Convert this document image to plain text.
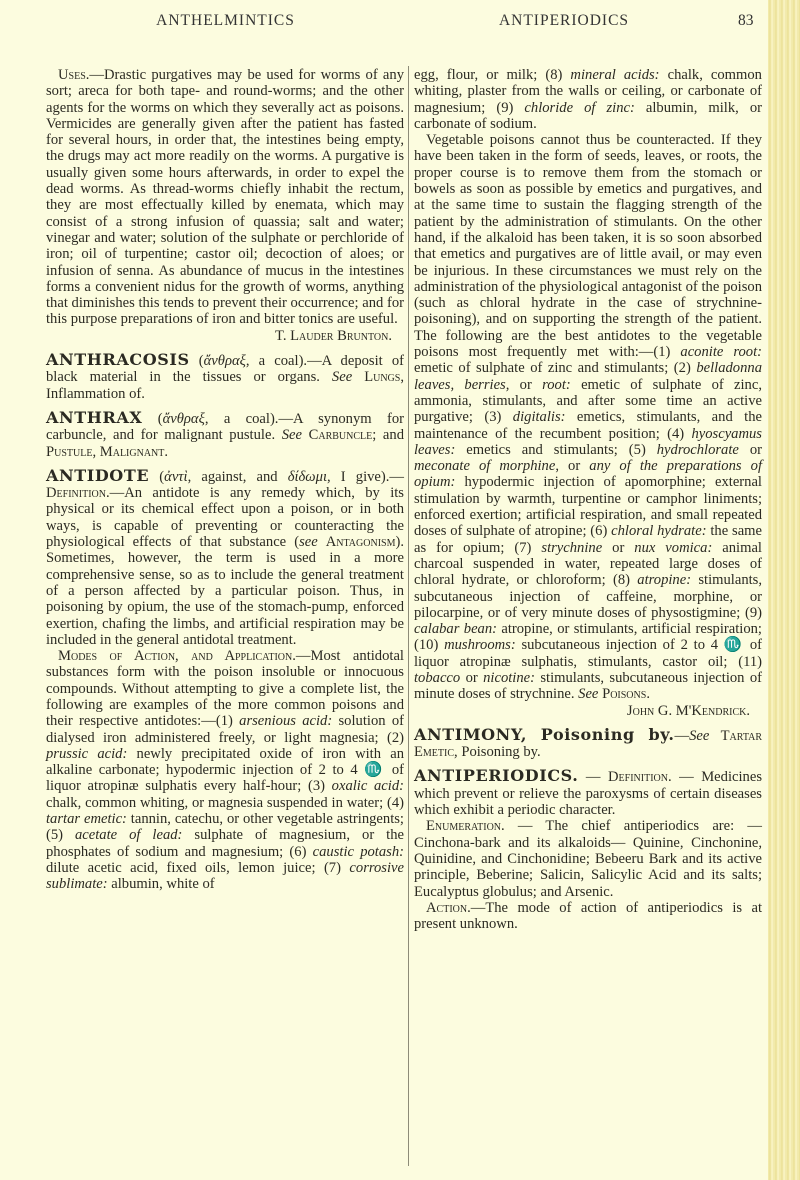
ANTHELMINTICS	ANTIPERIODICS	83

Uses.—Drastic purgatives may be used for worms of any sort; areca for both tape- and round-worms; and the other agents for the worms on which they severally act as poisons. Vermicides are generally given after the patient has fasted for several hours, in order that, the intestines being empty, the drugs may act more readily on the worms. A purgative is usually given some hours afterwards, in order to expel the dead worms. As thread-worms chiefly inhabit the rectum, they are most effectually killed by enemata, which may consist of a strong infusion of quassia; salt and water; vinegar and water; solution of the sulphate or perchloride of iron; oil of turpentine; castor oil; decoction of aloes; or infusion of senna. As abundance of mucus in the intestines forms a convenient nidus for the growth of worms, anything that diminishes this tends to prevent their occurrence; and for this purpose preparations of iron and bitter tonics are useful.

T. Lauder Brunton.

ANTHRACOSIS (ἄνθραξ, a coal).—A deposit of black material in the tissues or organs. See Lungs, Inflammation of.

ANTHRAX (ἄνθραξ, a coal).—A synonym for carbuncle, and for malignant pustule. See Carbuncle; and Pustule, Malignant.

ANTIDOTE (ἀντὶ, against, and δίδωμι, I give).—Definition.—An antidote is any remedy which, by its physical or its chemical effect upon a poison, or in both ways, is capable of preventing or counteracting the physiological effects of that substance (see Antagonism). Sometimes, however, the term is used in a more comprehensive sense, so as to include the general treatment of a person affected by a particular poison. Thus, in poisoning by opium, the use of the stomach-pump, enforced exertion, chafing the limbs, and artificial respiration may be included in the general antidotal treatment.

Modes of Action, and Application.—Most antidotal substances form with the poison insoluble or innocuous compounds. Without attempting to give a complete list, the following are examples of the more common poisons and their respective antidotes:—(1) arsenious acid: solution of dialysed iron administered freely, or light magnesia; (2) prussic acid: newly precipitated oxide of iron with an alkaline carbonate; hypodermic injection of 2 to 4 ♏ of liquor atropinæ sulphatis every half-hour; (3) oxalic acid: chalk, common whiting, or magnesia suspended in water; (4) tartar emetic: tannin, catechu, or other vegetable astringents; (5) acetate of lead: sulphate of magnesium, or the phosphates of sodium and magnesium; (6) caustic potash: dilute acetic acid, fixed oils, lemon juice; (7) corrosive sublimate: albumin, white of

egg, flour, or milk; (8) mineral acids: chalk, common whiting, plaster from the walls or ceiling, or carbonate of magnesium; (9) chloride of zinc: albumin, milk, or carbonate of sodium.

Vegetable poisons cannot thus be counteracted. If they have been taken in the form of seeds, leaves, or roots, the proper course is to remove them from the stomach or bowels as soon as possible by emetics and purgatives, and at the same time to sustain the flagging strength of the patient by the administration of stimulants. On the other hand, if the alkaloid has been taken, it is so soon absorbed that emetics and purgatives are of little avail, or may even be injurious. In these circumstances we must rely on the administration of the physiological antagonist of the poison (such as chloral hydrate in the case of strychnine-poisoning), and on supporting the strength of the patient. The following are the best antidotes to the vegetable poisons most frequently met with:—(1) aconite root: emetic of sulphate of zinc and stimulants; (2) belladonna leaves, berries, or root: emetic of sulphate of zinc, ammonia, stimulants, and after some time an active purgative; (3) digitalis: emetics, stimulants, and the maintenance of the recumbent position; (4) hyoscyamus leaves: emetics and stimulants; (5) hydrochlorate or meconate of morphine, or any of the preparations of opium: hypodermic injection of apomorphine; external stimulation by warmth, turpentine or camphor liniments; enforced exertion; artificial respiration, and small repeated doses of sulphate of atropine; (6) chloral hydrate: the same as for opium; (7) strychnine or nux vomica: animal charcoal suspended in water, repeated large doses of chloral hydrate, or chloroform; (8) atropine: stimulants, subcutaneous injection of caffeine, morphine, or pilocarpine, or of very minute doses of physostigmine; (9) calabar bean: atropine, or stimulants, artificial respiration; (10) mushrooms: subcutaneous injection of 2 to 4 ♏ of liquor atropinæ sulphatis, stimulants, castor oil; (11) tobacco or nicotine: stimulants, subcutaneous injection of minute doses of strychnine. See Poisons.

John G. M'Kendrick.

ANTIMONY, Poisoning by.—See Tartar Emetic, Poisoning by.

ANTIPERIODICS. — Definition. — Medicines which prevent or relieve the paroxysms of certain diseases which exhibit a periodic character.

Enumeration. — The chief antiperiodics are: — Cinchona-bark and its alkaloids— Quinine, Cinchonine, Quinidine, and Cinchonidine; Bebeeru Bark and its active principle, Beberine; Salicin, Salicylic Acid and its salts; Eucalyptus globulus; and Arsenic.

Action.—The mode of action of antiperiodics is at present unknown.
